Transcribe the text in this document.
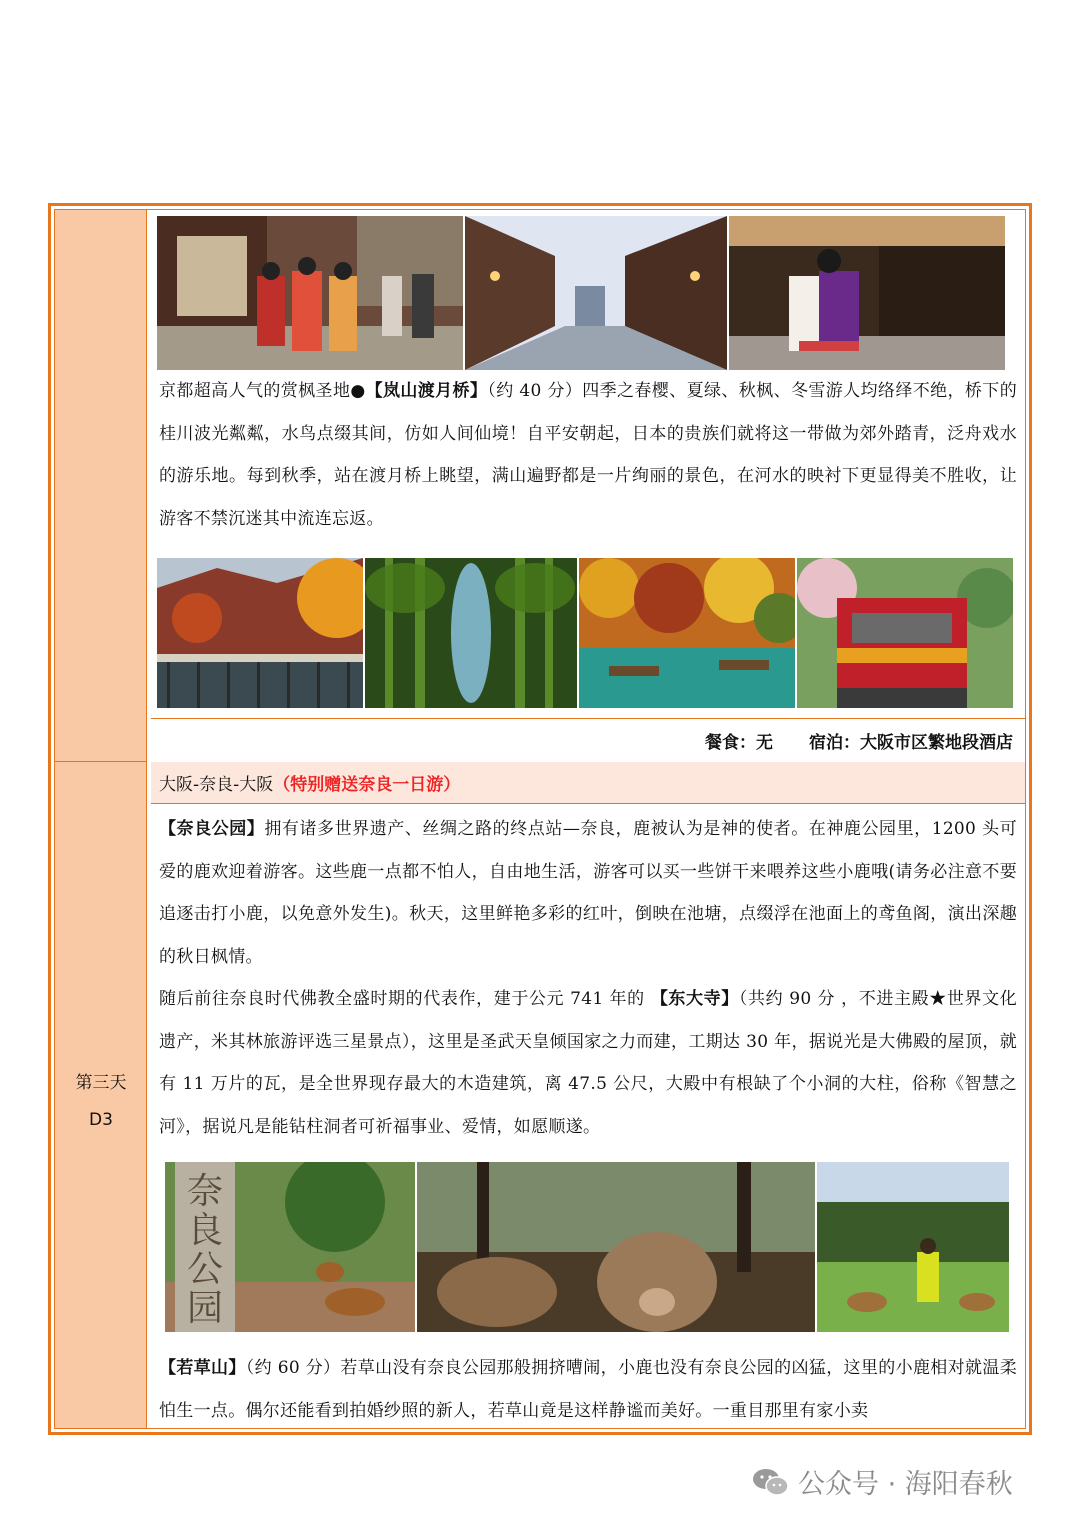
第三天
D3

京都超高人气的赏枫圣地●【岚山渡月桥】（约 40 分）四季之春樱、夏绿、秋枫、冬雪游人均络绎不绝，桥下的桂川波光粼粼，水鸟点缀其间，仿如人间仙境！自平安朝起，日本的贵族们就将这一带做为郊外踏青，泛舟戏水的游乐地。每到秋季，站在渡月桥上眺望，满山遍野都是一片绚丽的景色，在河水的映衬下更显得美不胜收，让游客不禁沉迷其中流连忘返。

餐食：无 宿泊：大阪市区繁地段酒店
大阪-奈良-大阪 （特别赠送奈良一日游）

【奈良公园】拥有诸多世界遗产、丝绸之路的终点站—奈良，鹿被认为是神的使者。在神鹿公园里，1200 头可爱的鹿欢迎着游客。这些鹿一点都不怕人，自由地生活，游客可以买一些饼干来喂养这些小鹿哦(请务必注意不要追逐击打小鹿，以免意外发生)。秋天，这里鲜艳多彩的红叶，倒映在池塘，点缀浮在池面上的鸢鱼阁，演出深趣的秋日枫情。

随后前往奈良时代佛教全盛时期的代表作，建于公元 741 年的 【东大寺】（共约 90 分 ，不进主殿★世界文化遗产，米其林旅游评选三星景点），这里是圣武天皇倾国家之力而建，工期达 30 年，据说光是大佛殿的屋顶，就有 11 万片的瓦，是全世界现存最大的木造建筑，离 47.5 公尺，大殿中有根缺了个小洞的大柱，俗称《智慧之河》，据说凡是能钻柱洞者可祈福事业、爱情，如愿顺遂。

奈良公园

【若草山】（约 60 分）若草山没有奈良公园那般拥挤嘈闹，小鹿也没有奈良公园的凶猛，这里的小鹿相对就温柔怕生一点。偶尔还能看到拍婚纱照的新人，若草山竟是这样静谧而美好。一重目那里有家小卖

公众号 · 海阳春秋
